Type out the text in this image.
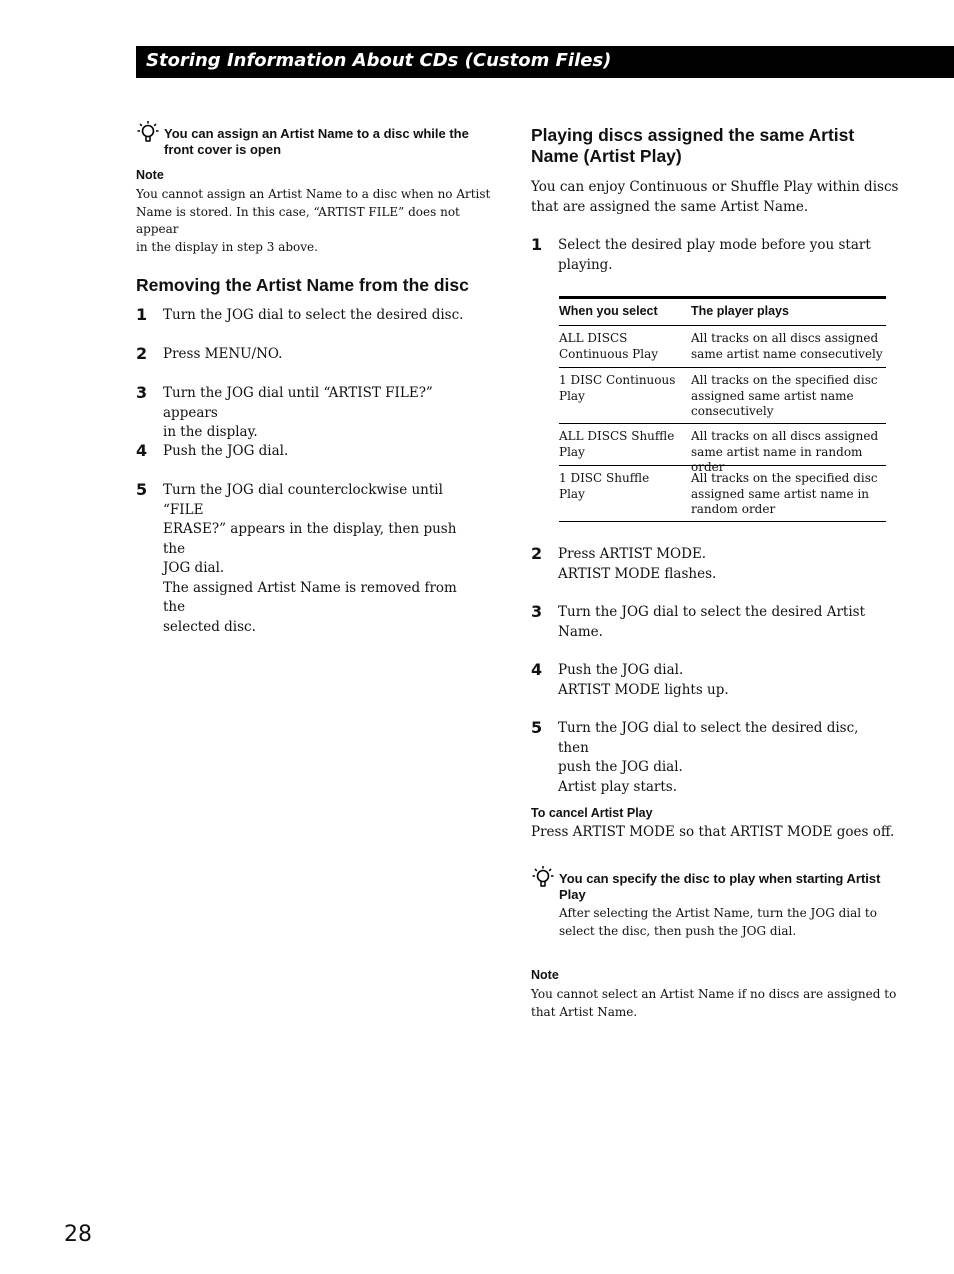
Storing Information About CDs (Custom Files)
You can assign an Artist Name to a disc while the
front cover is open
Note
You cannot assign an Artist Name to a disc when no Artist
Name is stored. In this case, “ARTIST FILE” does not appear
in the display in step 3 above.
Removing the Artist Name from the disc
1 Turn the JOG dial to select the desired disc.
2 Press MENU/NO.
3 Turn the JOG dial until “ARTIST FILE?” appears
in the display.
4 Push the JOG dial.
5 Turn the JOG dial counterclockwise until “FILE
ERASE?” appears in the display, then push the
JOG dial.
The assigned Artist Name is removed from the
selected disc.
Playing discs assigned the same Artist
Name (Artist Play)
You can enjoy Continuous or Shuffle Play within discs
that are assigned the same Artist Name.
1 Select the desired play mode before you start
playing.
When you select	The player plays
ALL DISCS
Continuous Play
All tracks on all discs assigned
same artist name consecutively
1 DISC Continuous
Play
All tracks on the specified disc
assigned same artist name
consecutively
ALL DISCS Shuffle
Play
All tracks on all discs assigned
same artist name in random order
1 DISC Shuffle
Play
All tracks on the specified disc
assigned same artist name in
random order
2 Press ARTIST MODE.
ARTIST MODE flashes.
3 Turn the JOG dial to select the desired Artist
Name.
4 Push the JOG dial.
ARTIST MODE lights up.
5 Turn the JOG dial to select the desired disc, then
push the JOG dial.
Artist play starts.
To cancel Artist Play
Press ARTIST MODE so that ARTIST MODE goes off.
You can specify the disc to play when starting Artist
Play
After selecting the Artist Name, turn the JOG dial to
select the disc, then push the JOG dial.
Note
You cannot select an Artist Name if no discs are assigned to
that Artist Name.
28
